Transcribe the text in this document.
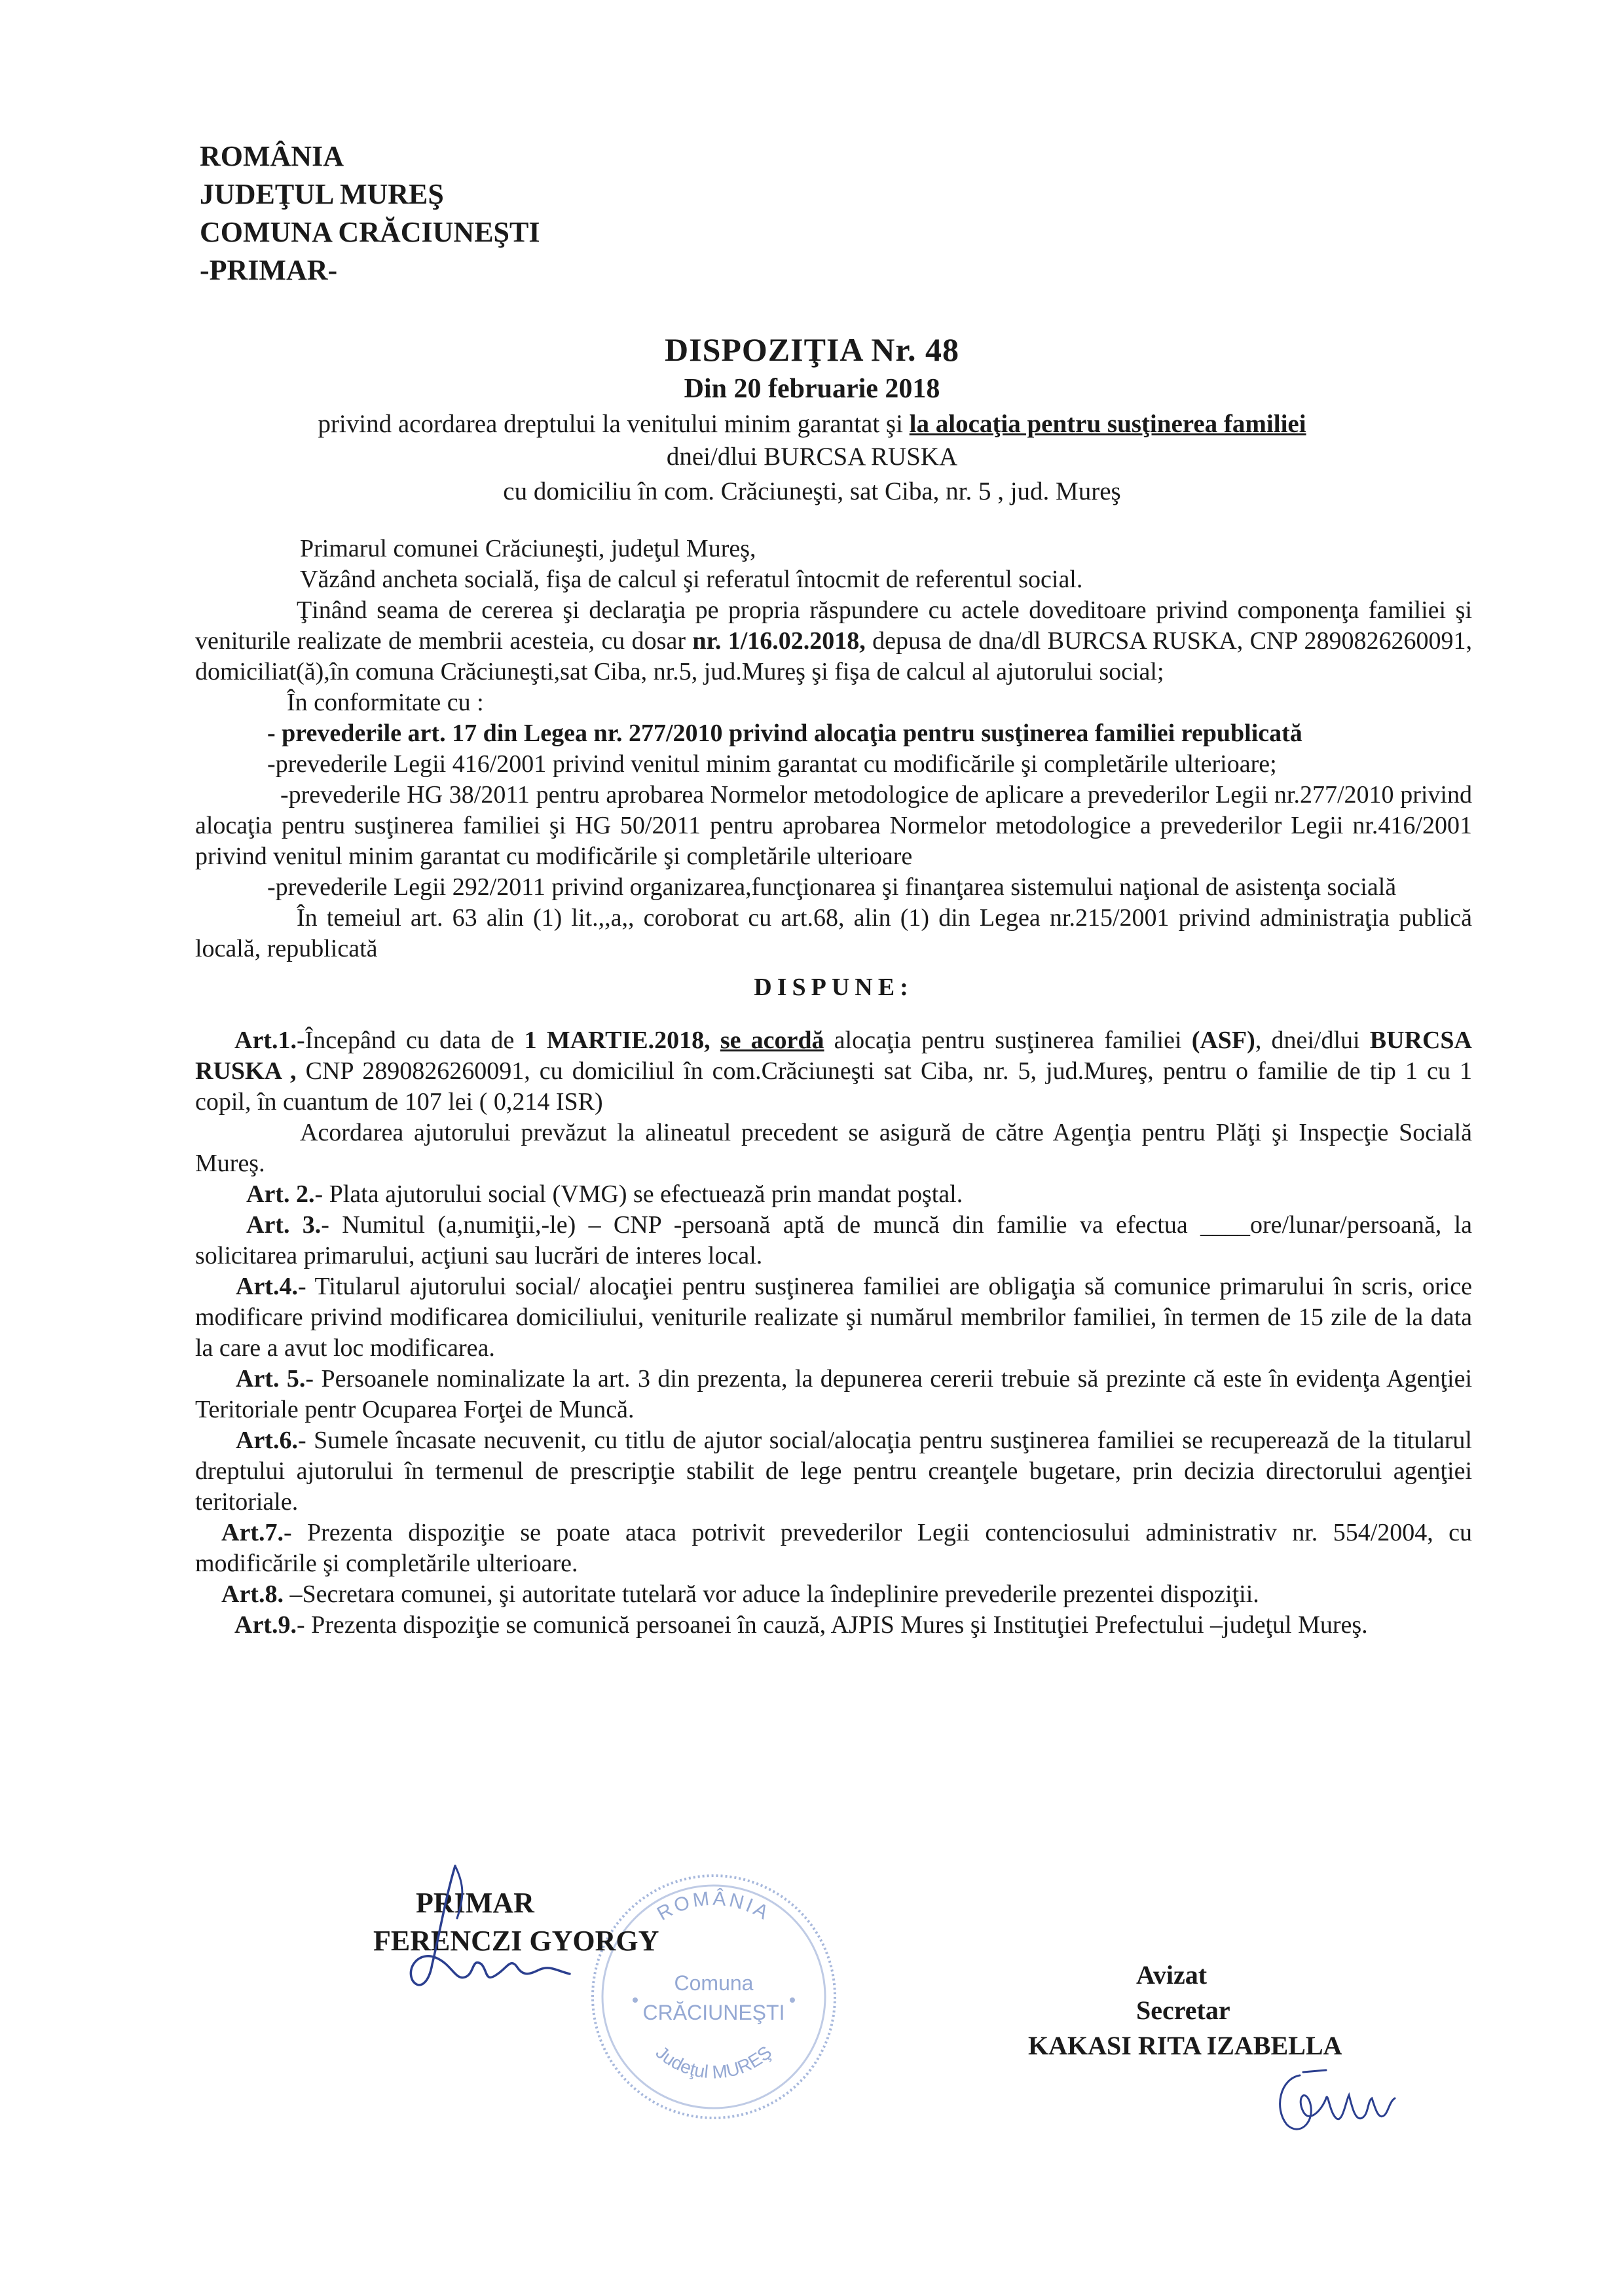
ROMÂNIA
JUDEŢUL MUREŞ
COMUNA CRĂCIUNEŞTI
-PRIMAR-
DISPOZIŢIA Nr. 48
Din 20 februarie 2018
privind acordarea dreptului la venitului minim garantat şi la alocaţia pentru susţinerea familiei
dnei/dlui BURCSA RUSKA
cu domiciliu în com. Crăciuneşti, sat Ciba, nr. 5 , jud. Mureş

Primarul comunei Crăciuneşti, judeţul Mureş,

Văzând ancheta socială, fişa de calcul şi referatul întocmit de referentul social.

Ţinând seama de cererea şi declaraţia pe propria răspundere cu actele doveditoare privind componenţa familiei şi veniturile realizate de membrii acesteia, cu dosar nr. 1/16.02.2018, depusa de dna/dl BURCSA RUSKA, CNP 2890826260091, domiciliat(ă),în comuna Crăciuneşti,sat Ciba, nr.5, jud.Mureş şi fişa de calcul al ajutorului social;

În conformitate cu :

- prevederile art. 17 din Legea nr. 277/2010 privind alocaţia pentru susţinerea familiei republicată

-prevederile Legii 416/2001 privind venitul minim garantat cu modificările şi completările ulterioare;

-prevederile HG 38/2011 pentru aprobarea Normelor metodologice de aplicare a prevederilor Legii nr.277/2010 privind alocaţia pentru susţinerea familiei şi HG 50/2011 pentru aprobarea Normelor metodologice a prevederilor Legii nr.416/2001 privind venitul minim garantat cu modificările şi completările ulterioare

-prevederile Legii 292/2011 privind organizarea,funcţionarea şi finanţarea sistemului naţional de asistenţa socială

În temeiul art. 63 alin (1) lit.,,a,, coroborat cu art.68, alin (1) din Legea nr.215/2001 privind administraţia publică locală, republicată

DISPUNE:

Art.1.-Începând cu data de 1 MARTIE.2018, se acordă alocaţia pentru susţinerea familiei (ASF), dnei/dlui BURCSA RUSKA , CNP 2890826260091, cu domiciliul în com.Crăciuneşti sat Ciba, nr. 5, jud.Mureş, pentru o familie de tip 1 cu 1 copil, în cuantum de 107 lei ( 0,214 ISR)

Acordarea ajutorului prevăzut la alineatul precedent se asigură de către Agenţia pentru Plăţi şi Inspecţie Socială Mureş.

Art. 2.- Plata ajutorului social (VMG) se efectuează prin mandat poştal.

Art. 3.- Numitul (a,numiţii,-le) – CNP -persoană aptă de muncă din familie va efectua ____ore/lunar/persoană, la solicitarea primarului, acţiuni sau lucrări de interes local.

Art.4.- Titularul ajutorului social/ alocaţiei pentru susţinerea familiei are obligaţia să comunice primarului în scris, orice modificare privind modificarea domiciliului, veniturile realizate şi numărul membrilor familiei, în termen de 15 zile de la data la care a avut loc modificarea.

Art. 5.- Persoanele nominalizate la art. 3 din prezenta, la depunerea cererii trebuie să prezinte că este în evidenţa Agenţiei Teritoriale pentr Ocuparea Forţei de Muncă.

Art.6.- Sumele încasate necuvenit, cu titlu de ajutor social/alocaţia pentru susţinerea familiei se recuperează de la titularul dreptului ajutorului în termenul de prescripţie stabilit de lege pentru creanţele bugetare, prin decizia directorului agenţiei teritoriale.

Art.7.- Prezenta dispoziţie se poate ataca potrivit prevederilor Legii contenciosului administrativ nr. 554/2004, cu modificările şi completările ulterioare.

Art.8. –Secretara comunei, şi autoritate tutelară vor aduce la îndeplinire prevederile prezentei dispoziţii.

Art.9.- Prezenta dispoziţie se comunică persoanei în cauză, AJPIS Mures şi Instituţiei Prefectului –judeţul Mureş.

ROMÂNIA
Comuna
CRĂCIUNEŞTI
Judeţul MUREŞ
PRIMAR
FERENCZI GYORGY
Avizat
Secretar
KAKASI RITA IZABELLA
